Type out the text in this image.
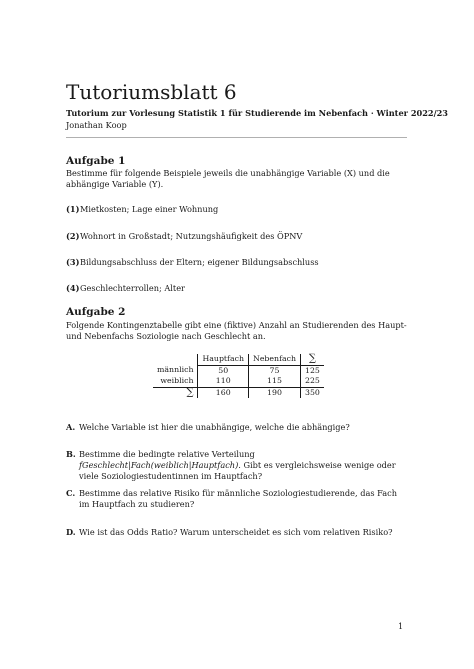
Tutoriumsblatt 6
Tutorium zur Vorlesung Statistik 1 für Studierende im Nebenfach · Winter 2022/23
Jonathan Koop
Aufgabe 1
Bestimme für folgende Beispiele jeweils die unabhängige Variable (X) und die abhängige Variable (Y).
(1)Mietkosten; Lage einer Wohnung
(2)Wohnort in Großstadt; Nutzungshäufigkeit des ÖPNV
(3)Bildungsabschluss der Eltern; eigener Bildungsabschluss
(4)Geschlechterrollen; Alter
Aufgabe 2
Folgende Kontingenztabelle gibt eine (fiktive) Anzahl an Studierenden des Haupt- und Nebenfachs Soziologie nach Geschlecht an.
	Hauptfach	Nebenfach	∑
männlich	50	75	125
weiblich	110	115	225
∑	160	190	350
A. Welche Variable ist hier die unabhängige, welche die abhängige?
B. Bestimme die bedingte relative Verteilung fGeschlecht|Fach(weiblich|Hauptfach). Gibt es vergleichsweise wenige oder viele Soziologiestudentinnen im Hauptfach?
C. Bestimme das relative Risiko für männliche Soziologiestudierende, das Fach im Hauptfach zu studieren?
D. Wie ist das Odds Ratio? Warum unterscheidet es sich vom relativen Risiko?
1
